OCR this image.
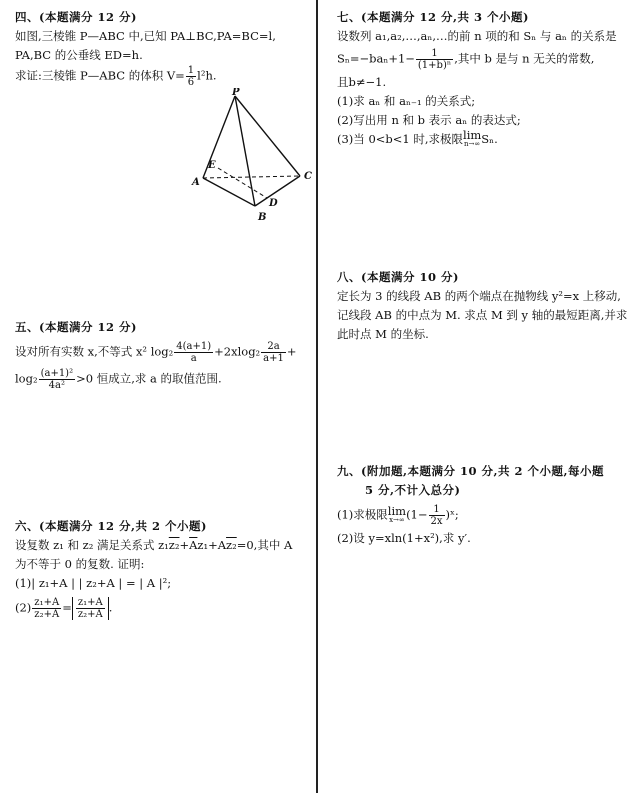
四、(本题满分 12 分)
如图,三棱锥 P—ABC 中,已知 PA⊥BC,PA=BC=l,
PA,BC 的公垂线 ED=h.
求证:三棱锥 P—ABC 的体积 $V= \frac{1}{6} l^2h$.
P
E
C
A
D
B
五、(本题满分 12 分)
设对所有实数 x,不等式 x² $\log_2 \frac{4(a+1)}{a} +2xlog_2 \frac{2a}{a+1}$ +
$\log_2 \frac{\text{(a+1)²}}{\text{4a²}} >0$ 恒成立,求 a 的取值范围.
六、(本题满分 12 分,共 2 个小题)
设复数 z₁ 和 z₂ 满足关系式 $z_1z_2+\overline{A}z_1+Az_2=0$,其中 A
为不等于 0 的复数. 证明:
(1)| z₁+A | | z₂+A | = | A |²;
$(2) \frac{\text{z₁+A}}{\text{z₂+A}} = \frac{\text{z₁+A}}{\text{z₂+A}}$ .
七、(本题满分 12 分,共 3 个小题)
设数列 a₁,a₂,…,aₙ,…的前 n 项的和 Sₙ 与 aₙ 的关系是
$S_n=-ba_n+1- \frac{1}{\text{(1+b)ⁿ}}$ ,其中 b 是与 n 无关的常数,
且b≠−1.
(1)求 aₙ 和 aₙ₋₁ 的关系式;
(2)写出用 n 和 b 表示 aₙ 的表达式;
(3)当 0<b<1 时,求极限lim
n→∞ Sₙ.
八、(本题满分 10 分)
定长为 3 的线段 AB 的两个端点在抛物线 y²=x 上移动,
记线段 AB 的中点为 M. 求点 M 到 y 轴的最短距离,并求
此时点 M 的坐标.
九、(附加题,本题满分 10 分,共 2 个小题,每小题
5 分,不计入总分)
(1)求极限lim
x→∞ ($1- \frac{1}{2x}$ )ˣ;
(2)设 y=xln(1+x²),求 y′.
